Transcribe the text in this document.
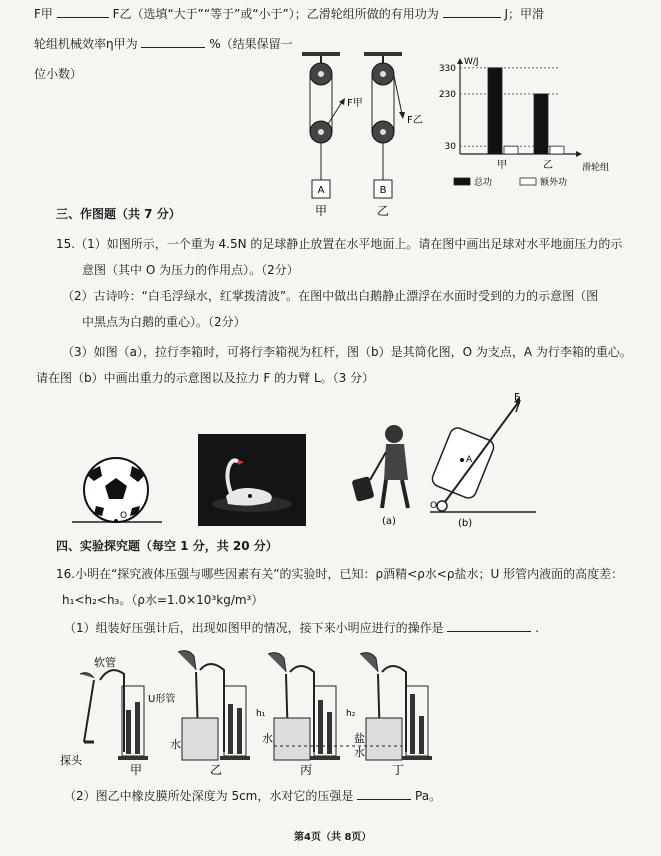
F甲	F乙（选填“大于”“等于”或“小于”）；乙滑轮组所做的有用功为	J；甲滑
轮组机械效率η甲为	%（结果保留一
位小数）
A	B
F甲
F乙
甲	乙
W/J
滑轮组
330
230
30
甲	乙
总功	额外功
三、作图题（共 7 分）
15.（1）如图所示，一个重为 4.5N 的足球静止放置在水平地面上。请在图中画出足球对水平地面压力的示
意图（其中 O 为压力的作用点）。（2分）
（2）古诗吟：“白毛浮绿水，红掌拨清波”。在图中做出白鹅静止漂浮在水面时受到的力的示意图（图
中黑点为白鹅的重心）。（2分）
（3）如图（a），拉行李箱时，可将行李箱视为杠杆，图（b）是其简化图，O 为支点，A 为行李箱的重心。
请在图（b）中画出重力的示意图以及拉力 F 的力臂 L。（3 分）
O	(a)
F
A
O
(b)
四、实验探究题（每空 1 分，共 20 分）
16.小明在“探究液体压强与哪些因素有关”的实验时，已知：ρ酒精<ρ水<ρ盐水；U 形管内液面的高度差：
h₁<h₂<h₃。（ρ水=1.0×10³kg/m³）
（1）组装好压强计后，出现如图甲的情况，接下来小明应进行的操作是	.
软管
U形管
探头
水	水	盐
水
h₁	h₂
甲	乙	丙	丁
（2）图乙中橡皮膜所处深度为 5cm，水对它的压强是	Pa。
第4页（共 8页）
